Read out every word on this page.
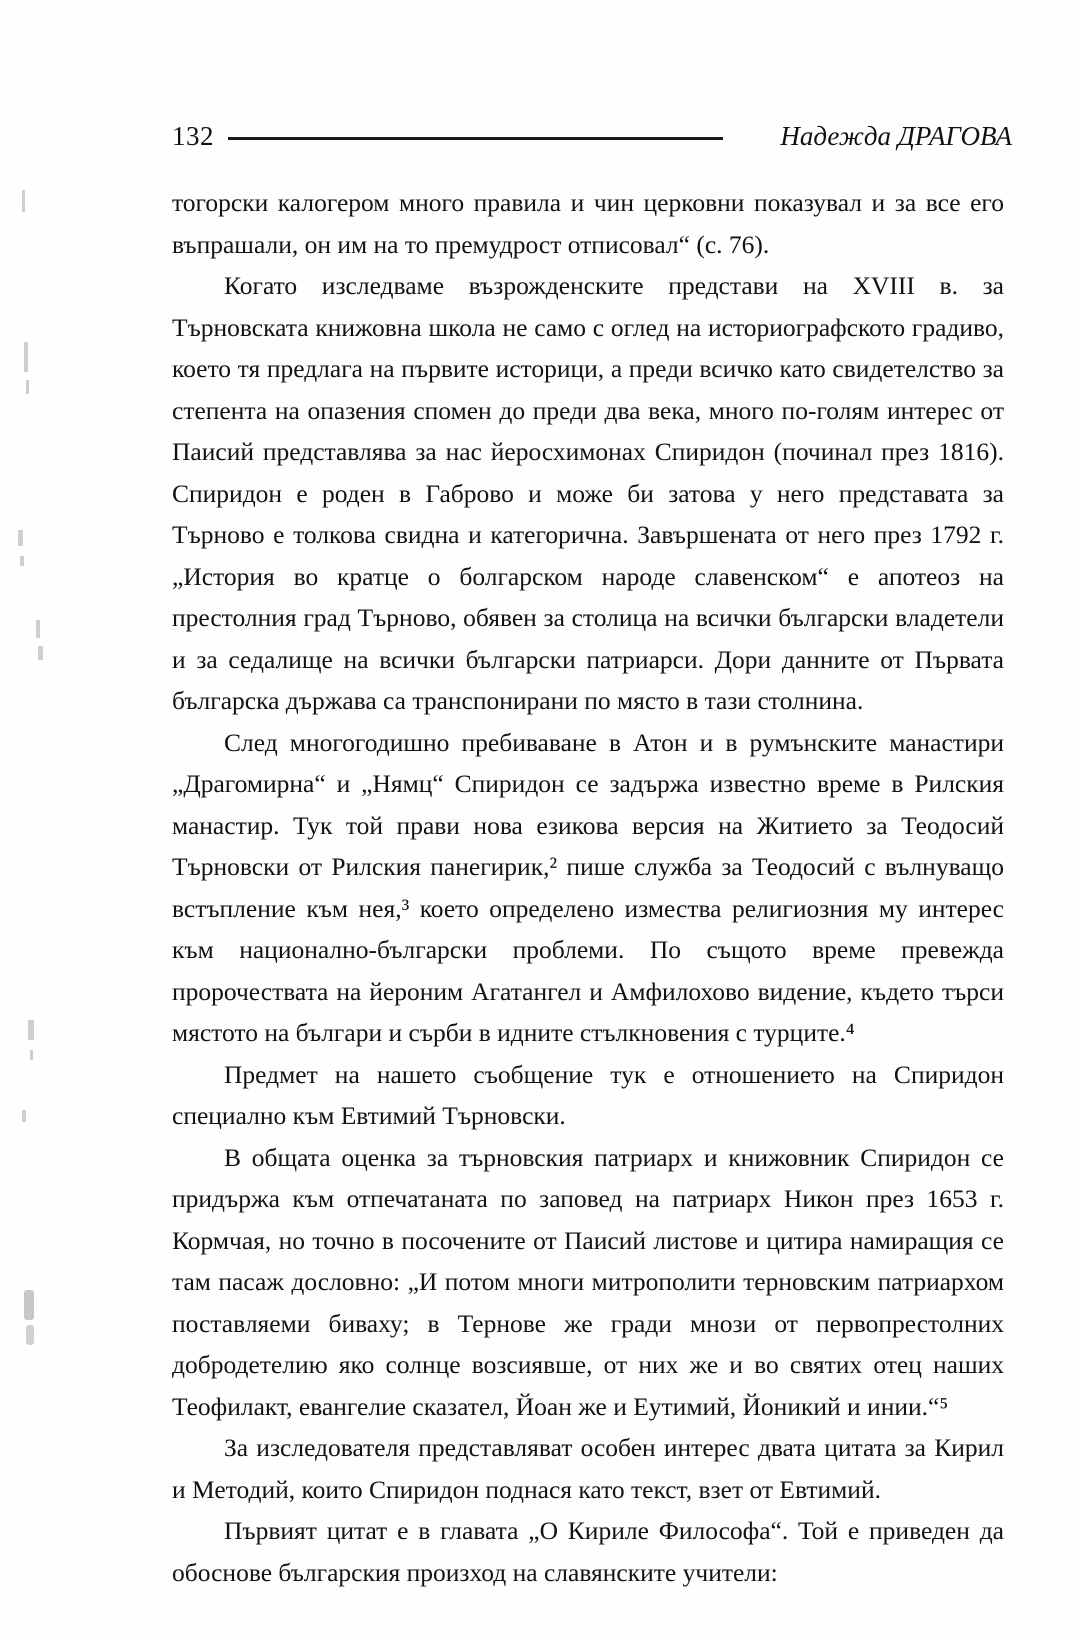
132	Надежда ДРАГОВА

тогорски калогером много правила и чин церковни показувал и за все его въпрашали, он им на то премудрост отписовал“ (с. 76).

Когато изследваме възрожденските представи на XVIII в. за Търновската книжовна школа не само с оглед на историографското градиво, което тя предлага на първите историци, а преди всичко като свидетелство за степента на опазения спомен до преди два века, много по-голям интерес от Паисий представлява за нас йеросхимонах Спиридон (починал през 1816). Спиридон е роден в Габрово и може би затова у него представата за Търново е толкова свидна и категорична. Завършената от него през 1792 г. „История во кратце о болгарском народе славенском“ е апотеоз на престолния град Търново, обявен за столица на всички български владетели и за седалище на всички български патриарси. Дори данните от Първата българска държава са транспонирани по място в тази столнина.

След многогодишно пребиваване в Атон и в румънските манастири „Драгомирна“ и „Нямц“ Спиридон се задържа известно време в Рилския манастир. Тук той прави нова езикова версия на Житието за Теодосий Търновски от Рилския панегирик,² пише служба за Теодосий с вълнуващо встъпление към нея,³ което определено измества религиозния му интерес към национално-български проблеми. По същото време превежда пророчествата на йероним Агатангел и Амфилохово видение, където търси мястото на българи и сърби в идните стълкновения с турците.⁴

Предмет на нашето съобщение тук е отношението на Спиридон специално към Евтимий Търновски.

В общата оценка за търновския патриарх и книжовник Спиридон се придържа към отпечатаната по заповед на патриарх Никон през 1653 г. Кормчая, но точно в посочените от Паисий листове и цитира намиращия се там пасаж дословно: „И потом многи митрополити терновским патриархом поставляеми биваху; в Тернове же гради мнози от первопрестолних добродетелию яко солнце возсиявше, от них же и во святих отец наших Теофилакт, евангелие сказател, Йоан же и Еутимий, Йоникий и инии.“⁵

За изследователя представляват особен интерес двата цитата за Кирил и Методий, които Спиридон поднася като текст, взет от Евтимий.

Първият цитат е в главата „О Кириле Философа“. Той е приведен да обоснове българския произход на славянските учители:
